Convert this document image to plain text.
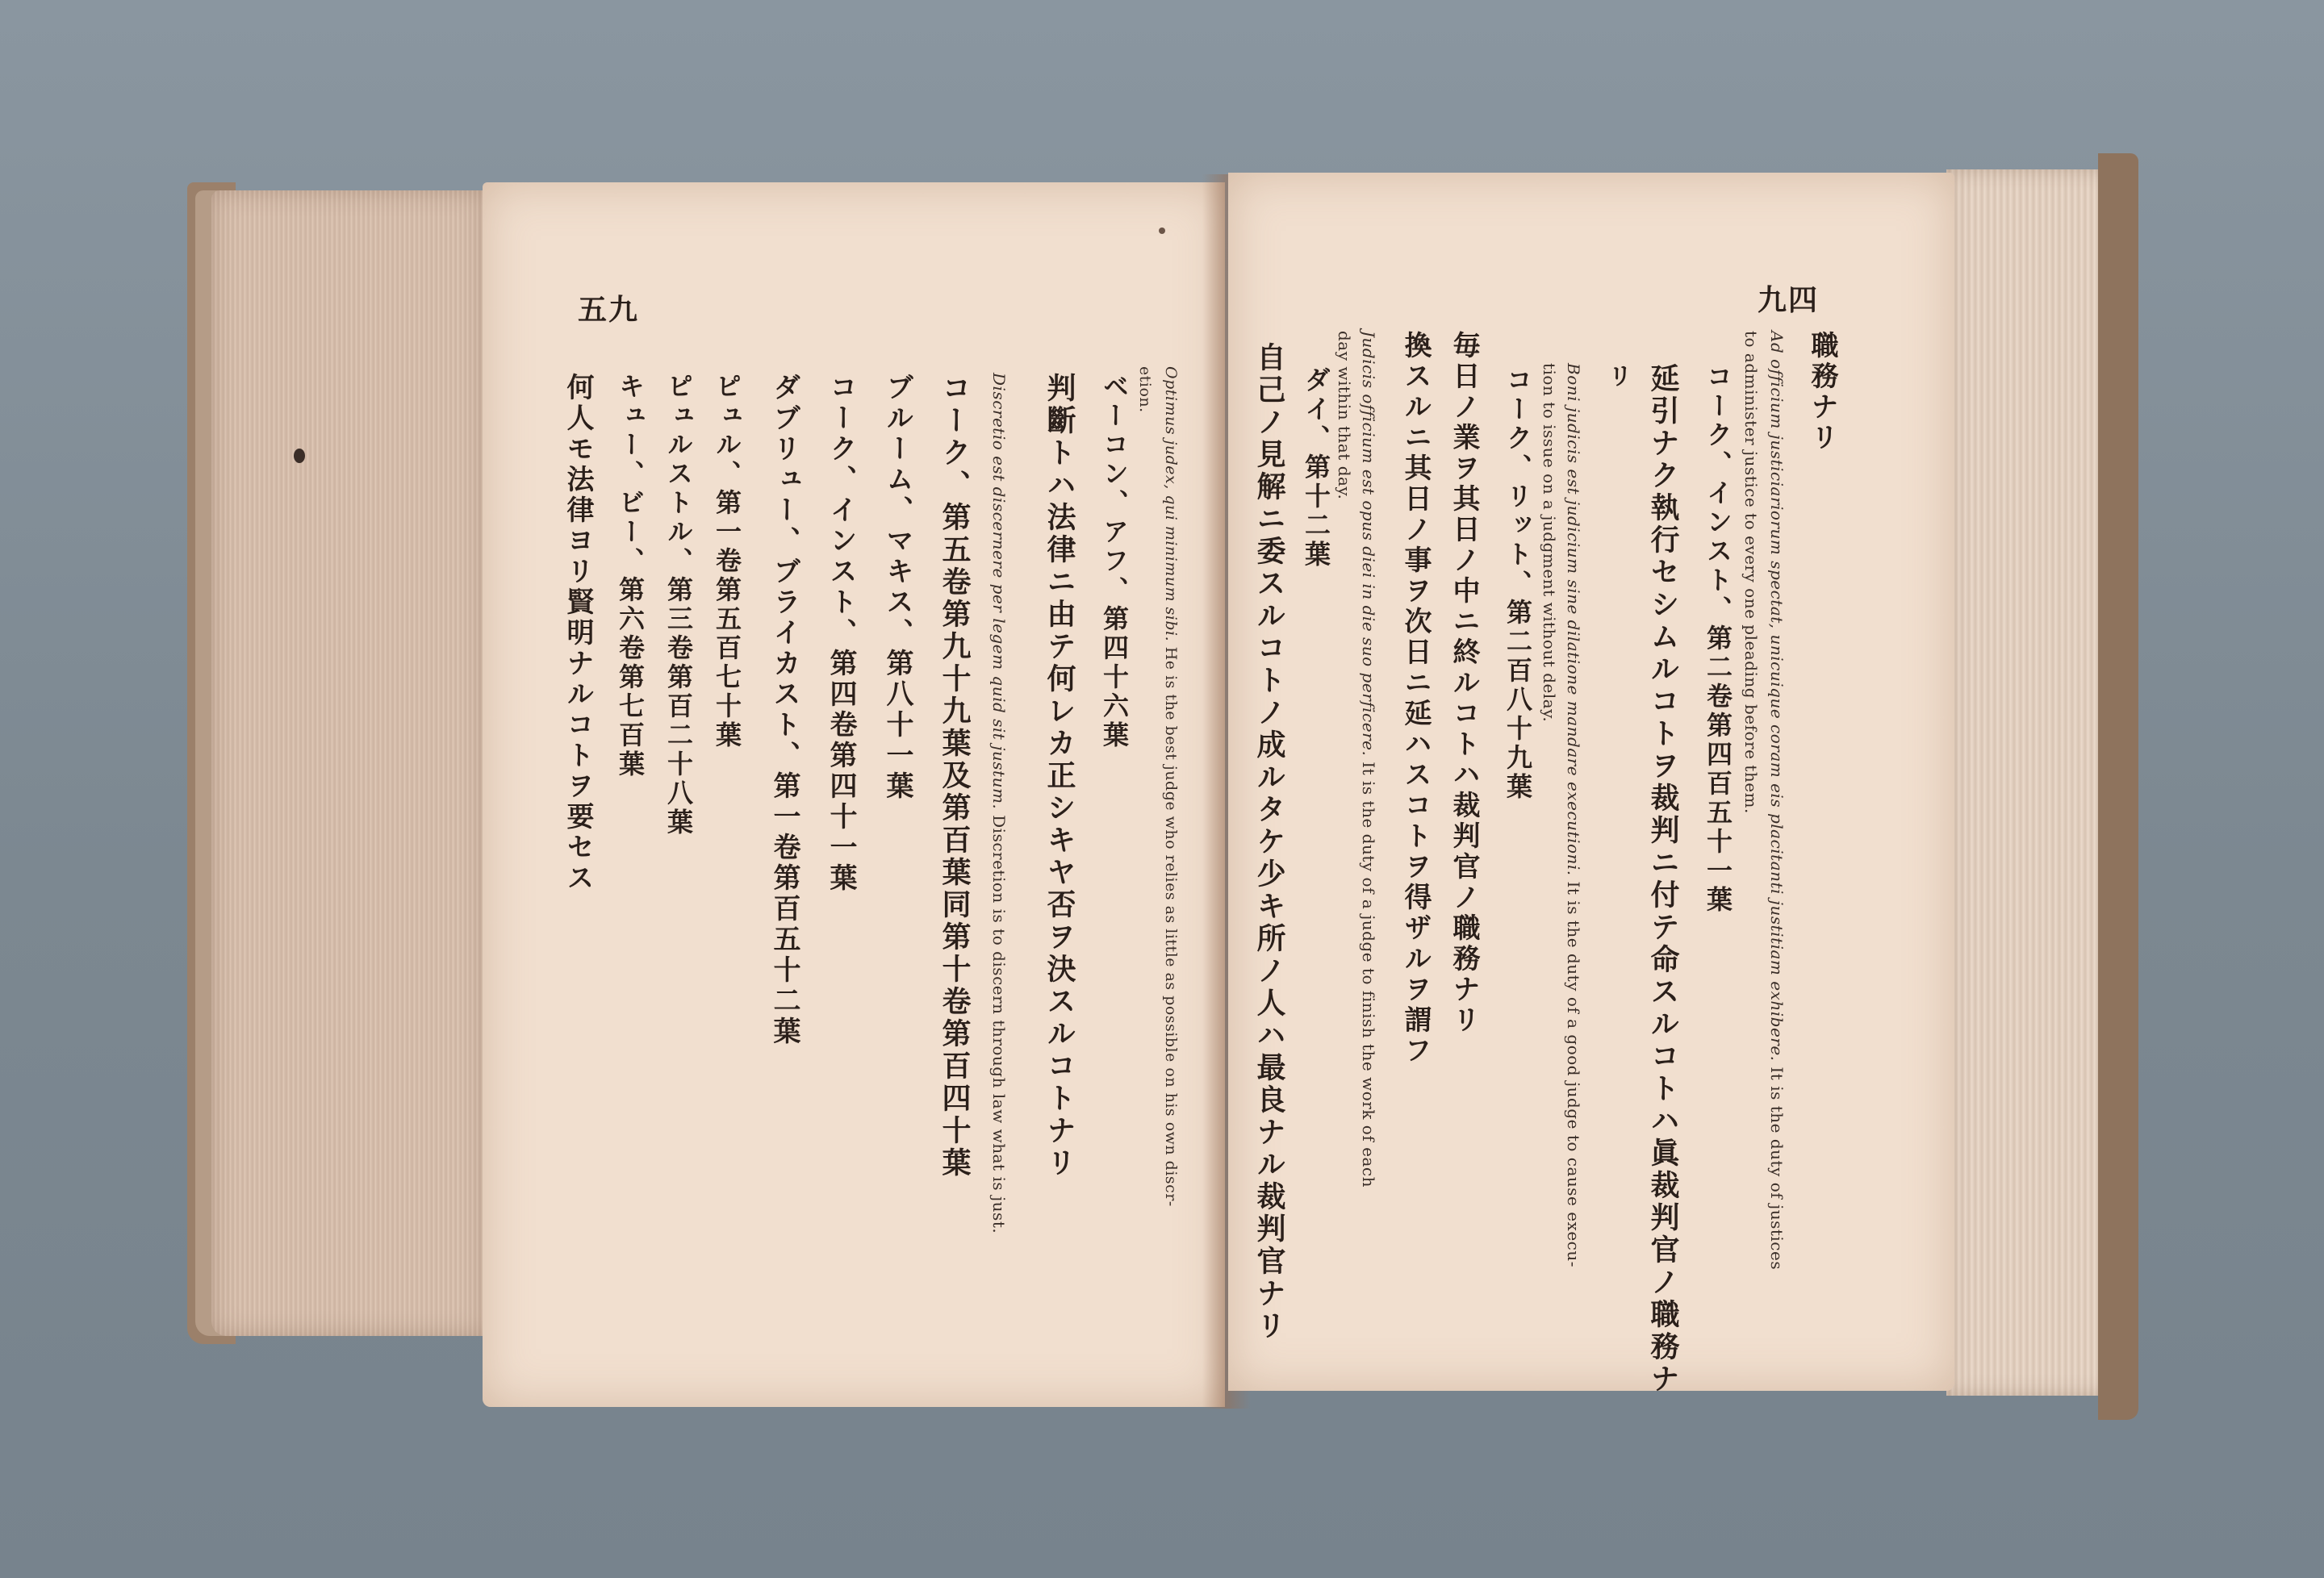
五九
Optimus judex, qui minimum sibi. He is the best judge who relies as little as possible on his own discr-
etion.
ベーコン、アフ、第四十六葉
判斷トハ法律ニ由テ何レカ正シキヤ否ヲ決スルコトナリ
Discretio est discernere per legem quid sit justum. Discretion is to discern through law what is just.
コーク、第五卷第九十九葉及第百葉同第十卷第百四十葉
ブルーム、マキス、第八十一葉
コーク、インスト、第四卷第四十一葉
ダブリュー、ブライカスト、第一卷第百五十二葉
ピュル、第一卷第五百七十葉
ピュルストル、第三卷第百二十八葉
キュー、ビー、第六卷第七百葉
何人モ法律ヨリ賢明ナルコトヲ要セス
九四
職務ナリ
Ad officium justiciariorum spectat, unicuique coram eis placitanti justitiam exhibere. It is the duty of justices
to administer justice to every one pleading before them.
コーク、インスト、第二卷第四百五十一葉
延引ナク執行セシムルコトヲ裁判ニ付テ命スルコトハ眞裁判官ノ職務ナ
リ
Boni judicis est judicium sine dilatione mandare executioni. It is the duty of a good judge to cause execu-
tion to issue on a judgment without delay.
コーク、リット、第二百八十九葉
毎日ノ業ヲ其日ノ中ニ終ルコトハ裁判官ノ職務ナリ
換スルニ其日ノ事ヲ次日ニ延ハスコトヲ得ザルヲ謂フ
Judicis officium est opus diei in die suo perficere. It is the duty of a judge to finish the work of each
day within that day.
ダイ、第十二葉
自己ノ見解ニ委スルコトノ成ルタケ少キ所ノ人ハ最良ナル裁判官ナリ
